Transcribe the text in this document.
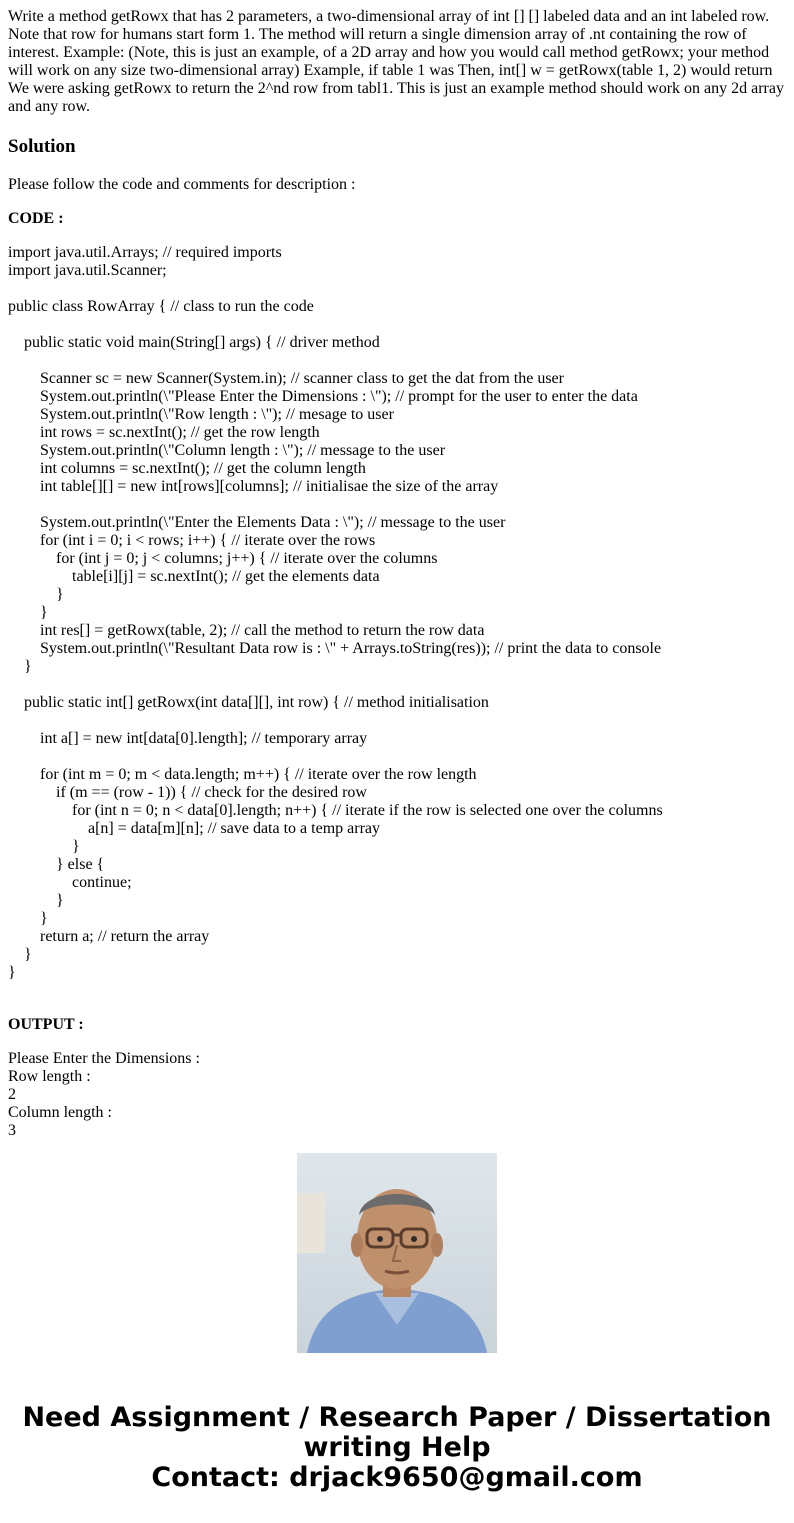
Write a method getRowx that has 2 parameters, a two-dimensional array of int [] [] labeled data and an int labeled row. Note that row for humans start form 1. The method will return a single dimension array of .nt containing the row of interest. Example: (Note, this is just an example, of a 2D array and how you would call method getRowx; your method will work on any size two-dimensional array) Example, if table 1 was Then, int[] w = getRowx(table 1, 2) would return We were asking getRowx to return the 2^nd row from tabl1. This is just an example method should work on any 2d array and any row.
Solution
Please follow the code and comments for description :
CODE :
import java.util.Arrays; // required imports
import java.util.Scanner;
public class RowArray { // class to run the code
public static void main(String[] args) { // driver method
Scanner sc = new Scanner(System.in); // scanner class to get the dat from the user
System.out.println(\"Please Enter the Dimensions : \"); // prompt for the user to enter the data
System.out.println(\"Row length : \"); // mesage to user
int rows = sc.nextInt(); // get the row length
System.out.println(\"Column length : \"); // message to the user
int columns = sc.nextInt(); // get the column length
int table[][] = new int[rows][columns]; // initialisae the size of the array
System.out.println(\"Enter the Elements Data : \"); // message to the user
for (int i = 0; i < rows; i++) { // iterate over the rows
for (int j = 0; j < columns; j++) { // iterate over the columns
table[i][j] = sc.nextInt(); // get the elements data
}
}
int res[] = getRowx(table, 2); // call the method to return the row data
System.out.println(\"Resultant Data row is : \" + Arrays.toString(res)); // print the data to console
}
public static int[] getRowx(int data[][], int row) { // method initialisation
int a[] = new int[data[0].length]; // temporary array
for (int m = 0; m < data.length; m++) { // iterate over the row length
if (m == (row - 1)) { // check for the desired row
for (int n = 0; n < data[0].length; n++) { // iterate if the row is selected one over the columns
a[n] = data[m][n]; // save data to a temp array
}
} else {
continue;
}
}
return a; // return the array
}
}
OUTPUT :
Please Enter the Dimensions :
Row length :
2
Column length :
3
Need Assignment / Research Paper / Dissertation
writing Help
Contact: drjack9650@gmail.com
